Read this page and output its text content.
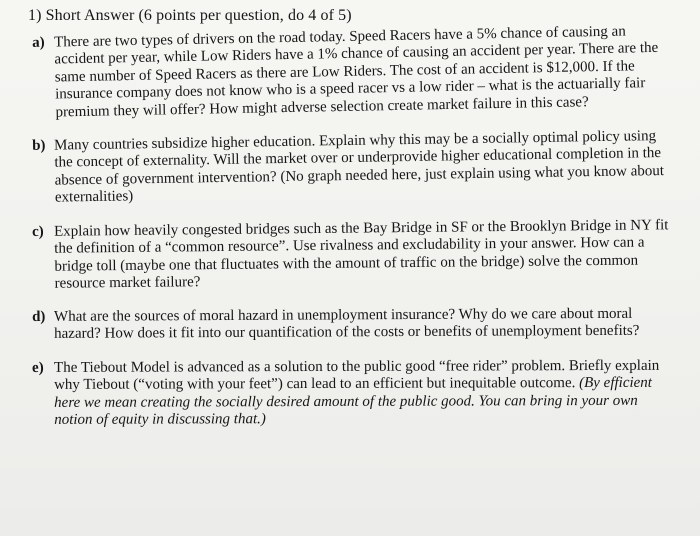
1) Short Answer (6 points per question, do 4 of 5)
a) There are two types of drivers on the road today. Speed Racers have a 5% chance of causing an accident per year, while Low Riders have a 1% chance of causing an accident per year. There are the same number of Speed Racers as there are Low Riders. The cost of an accident is $12,000. If the insurance company does not know who is a speed racer vs a low rider – what is the actuarially fair premium they will offer? How might adverse selection create market failure in this case?
b) Many countries subsidize higher education. Explain why this may be a socially optimal policy using the concept of externality. Will the market over or underprovide higher educational completion in the absence of government intervention? (No graph needed here, just explain using what you know about externalities)
c) Explain how heavily congested bridges such as the Bay Bridge in SF or the Brooklyn Bridge in NY fit the definition of a “common resource”. Use rivalness and excludability in your answer. How can a bridge toll (maybe one that fluctuates with the amount of traffic on the bridge) solve the common resource market failure?
d) What are the sources of moral hazard in unemployment insurance? Why do we care about moral hazard? How does it fit into our quantification of the costs or benefits of unemployment benefits?
e) The Tiebout Model is advanced as a solution to the public good “free rider” problem. Briefly explain why Tiebout (“voting with your feet”) can lead to an efficient but inequitable outcome. (By efficient here we mean creating the socially desired amount of the public good. You can bring in your own notion of equity in discussing that.)
